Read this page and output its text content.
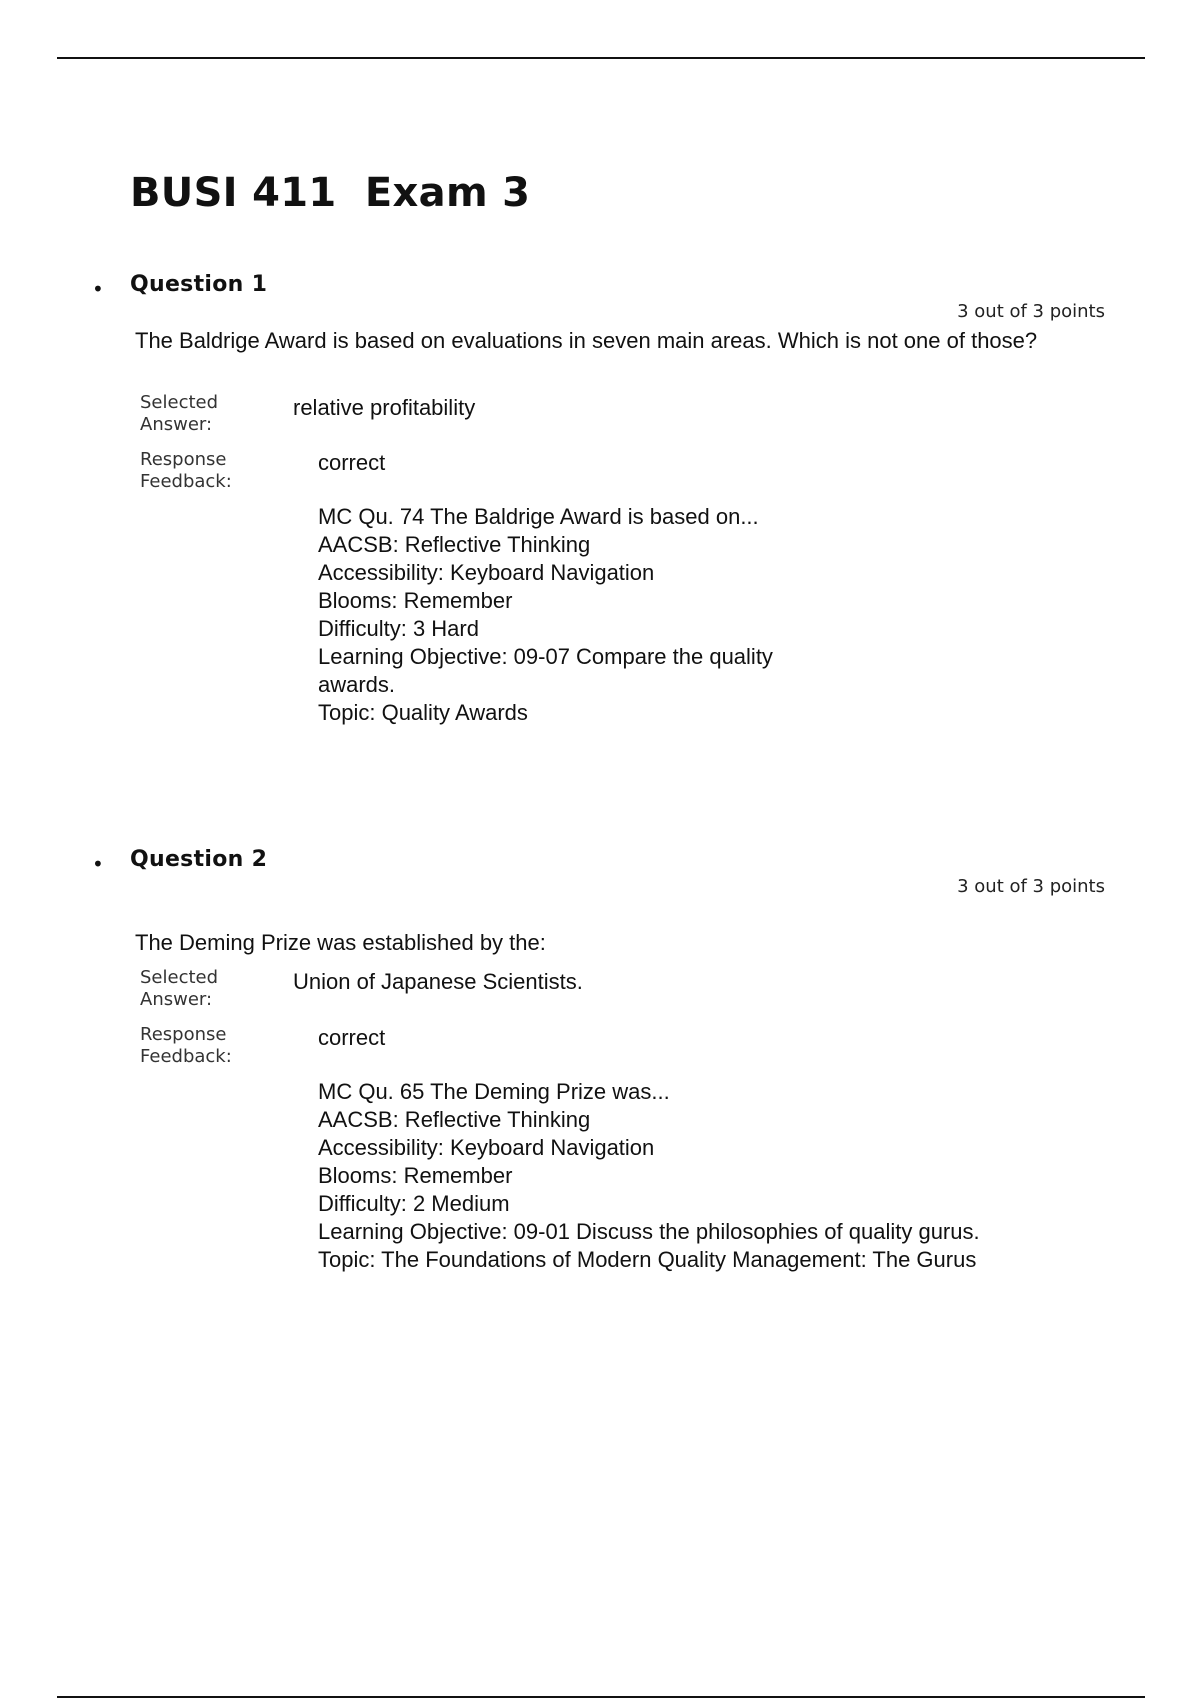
BUSI 411  Exam 3
• Question 1
3 out of 3 points

The Baldrige Award is based on evaluations in seven main areas. Which is not one of those?

Selected Answer:
relative profitability
Response Feedback:
correct

MC Qu. 74 The Baldrige Award is based on...

AACSB: Reflective Thinking

Accessibility: Keyboard Navigation

Blooms: Remember

Difficulty: 3 Hard

Learning Objective: 09-07 Compare the quality awards.

Topic: Quality Awards

• Question 2
3 out of 3 points

The Deming Prize was established by the:

Selected Answer:
Union of Japanese Scientists.
Response Feedback:
correct

MC Qu. 65 The Deming Prize was...

AACSB: Reflective Thinking

Accessibility: Keyboard Navigation

Blooms: Remember

Difficulty: 2 Medium

Learning Objective: 09-01 Discuss the philosophies of quality gurus.

Topic: The Foundations of Modern Quality Management: The Gurus
